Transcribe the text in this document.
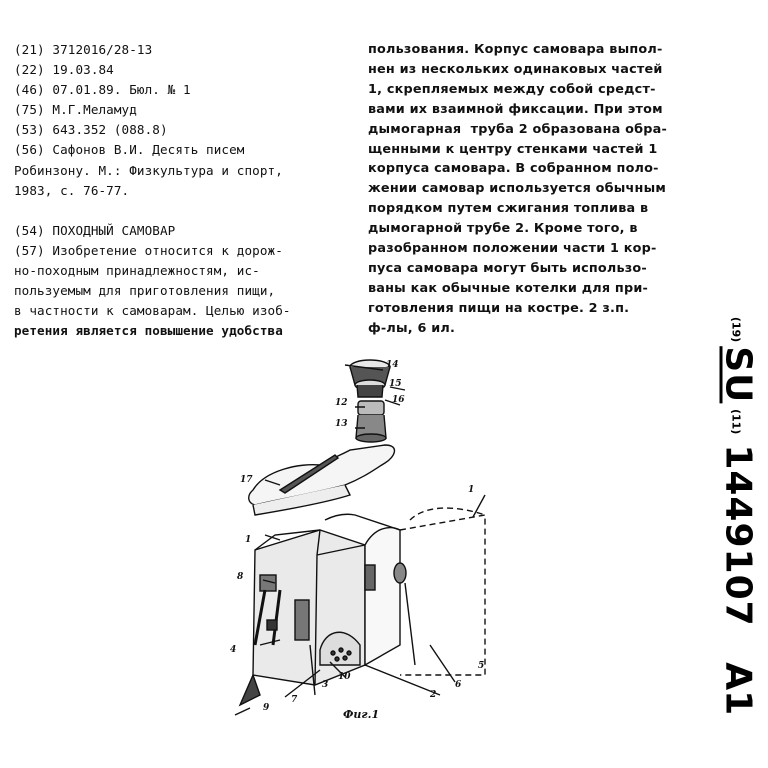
(21) 3712016/28-13
(22) 19.03.84
(46) 07.01.89. Бюл. № 1
(75) М.Г.Меламуд
(53) 643.352 (088.8)
(56) Сафонов В.И. Десять писем
Робинзону. М.: Физкультура и спорт,
1983, с. 76-77.
(54) ПОХОДНЫЙ САМОВАР
(57) Изобретение относится к дорож-
но-походным принадлежностям, ис-
пользуемым для приготовления пищи,
в частности к самоварам. Целью изоб-
ретения является повышение удобства
пользования. Корпус самовара выпол-
нен из нескольких одинаковых частей
1, скрепляемых между собой средст-
вами их взаимной фиксации. При этом
дымогарная  труба 2 образована обра-
щенными к центру стенками частей 1
корпуса самовара. В собранном поло-
жении самовар используется обычным
порядком путем сжигания топлива в
дымогарной трубе 2. Кроме того, в
разобранном положении части 1 кор-
пуса самовара могут быть использо-
ваны как обычные котелки для при-
готовления пищи на костре. 2 з.п.
ф-лы, 6 ил.	$^{(19)}$SU $^{(11)}$1449107 A1
14
15
16
12
13
17
1
1
8
4
5
6
3
10
9
7	2
Фиг.1
